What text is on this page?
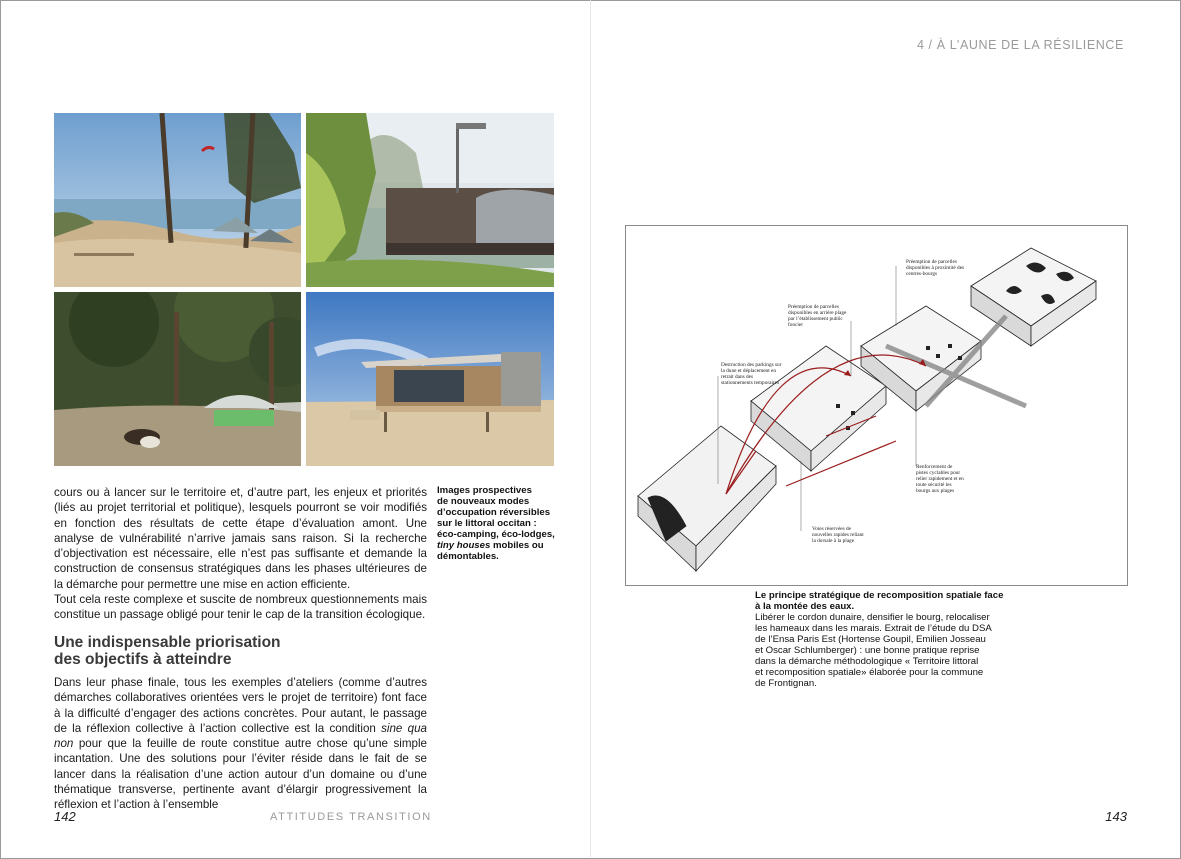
4 / À L’AUNE DE LA RÉSILIENCE
Images prospectives
de nouveaux modes
d’occupation réversibles
sur le littoral occitan :
éco-camping, éco-lodges,
tiny houses mobiles ou
démontables.

cours ou à lancer sur le territoire et, d’autre part, les enjeux et priorités (liés au projet territorial et politique), lesquels pourront se voir modifiés en fonction des résultats de cette étape d’évaluation amont. Une analyse de vulnérabilité n’arrive jamais sans raison. Si la recherche d’objectivation est nécessaire, elle n’est pas suffisante et demande la construction de consensus stratégiques dans les phases ultérieures de la démarche pour permettre une mise en action efficiente.

Tout cela reste complexe et suscite de nombreux questionnements mais constitue un passage obligé pour tenir le cap de la transition écologique.

Une indispensable priorisation
des objectifs à atteindre

Dans leur phase finale, tous les exemples d’ateliers (comme d’autres démarches collaboratives orientées vers le projet de territoire) font face à la difficulté d’engager des actions concrètes. Pour autant, le passage de la réflexion collective à l’action collective est la condition sine qua non pour que la feuille de route constitue autre chose qu’une simple incantation. Une des solutions pour l’éviter réside dans le fait de se lancer dans la réalisation d’une action autour d’un domaine ou d’une thématique transverse, pertinente avant d’élargir progressivement la réflexion et l’action à l’ensemble

Destruction des parkings sur la dune et déplacement en retrait dans des stationnements temporaires
Préemption de parcelles disponibles en arrière plage par l’établissement public foncier
Préemption de parcelles disponibles à proximité des centres-bourgs
Voies réservées de nouvelles rapides reliant la dorsale à la plage
Renforcement de pistes cyclables pour relier rapidement et en toute sécurité les bourgs aux plages
Le principe stratégique de recomposition spatiale face
à la montée des eaux.
Libérer le cordon dunaire, densifier le bourg, relocaliser
les hameaux dans les marais. Extrait de l’étude du DSA
de l’Ensa Paris Est (Hortense Goupil, Emilien Josseau
et Oscar Schlumberger) : une bonne pratique reprise
dans la démarche méthodologique « Territoire littoral
et recomposition spatiale» élaborée pour la commune
de Frontignan.
142	ATTITUDES TRANSITION	143
